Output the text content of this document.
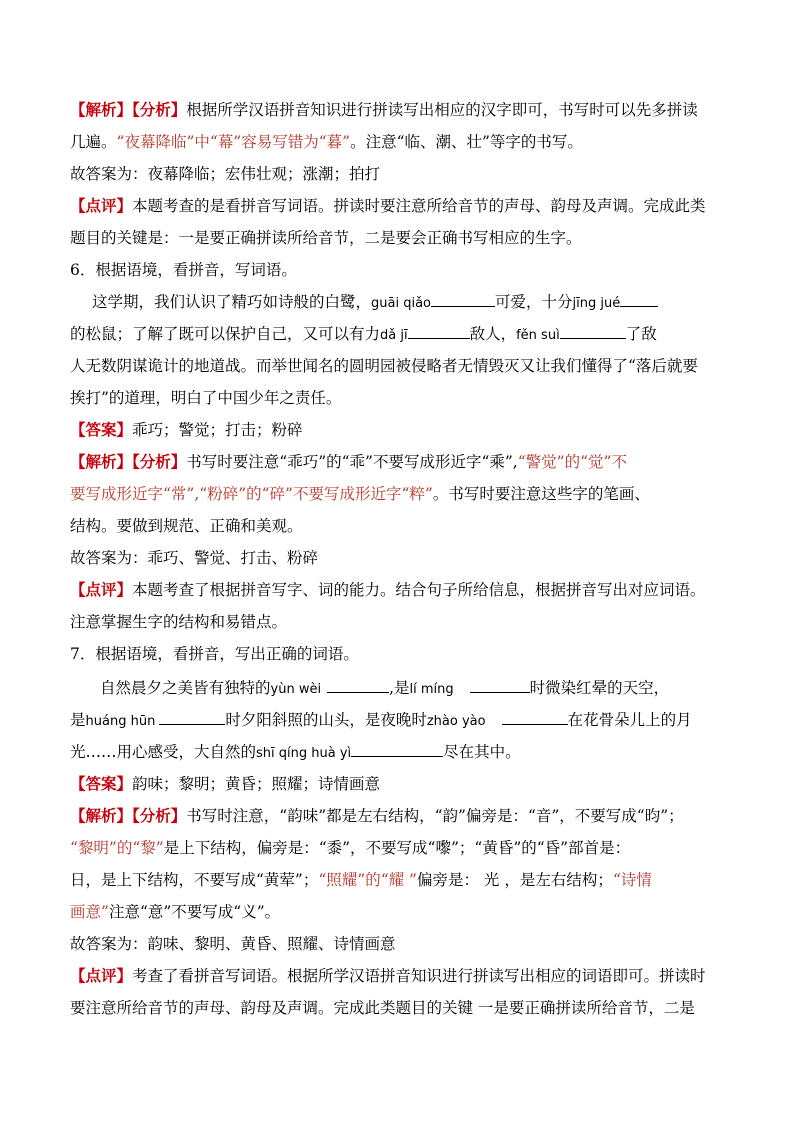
【解析】【分析】根据所学汉语拼音知识进行拼读写出相应的汉字即可，书写时可以先多拼读
几遍。“夜幕降临”中“幕”容易写错为“暮”。注意“临、潮、壮”等字的书写。
故答案为：夜幕降临；宏伟壮观；涨潮；拍打
【点评】本题考查的是看拼音写词语。拼读时要注意所给音节的声母、韵母及声调。完成此类
题目的关键是：一是要正确拼读所给音节，二是要会正确书写相应的生字。
6．根据语境，看拼音，写词语。
这学期，我们认识了精巧如诗般的白鹭，guāi qiǎo	可爱，十分jīng jué
的松鼠；了解了既可以保护自己，又可以有力dǎ jī	敌人，fěn suì	了敌
人无数阴谋诡计的地道战。而举世闻名的圆明园被侵略者无情毁灭又让我们懂得了“落后就要
挨打”的道理，明白了中国少年之责任。
【答案】乖巧；警觉；打击；粉碎
【解析】【分析】书写时要注意“乖巧”的“乖”不要写成形近字“乘”,“警觉”的“觉”不
要写成形近字“常”,“粉碎”的“碎”不要写成形近字“粹”。书写时要注意这些字的笔画、
结构。要做到规范、正确和美观。
故答案为：乖巧、警觉、打击、粉碎
【点评】本题考查了根据拼音写字、词的能力。结合句子所给信息，根据拼音写出对应词语。
注意掌握生字的结构和易错点。
7．根据语境，看拼音，写出正确的词语。
自然晨夕之美皆有独特的yùn wèi	,是lí míng	时微染红晕的天空，
是huáng hūn	时夕阳斜照的山头，是夜晚时zhào yào	在花骨朵儿上的月
光……用心感受，大自然的shī qíng huà yì	尽在其中。
【答案】韵味；黎明；黄昏；照耀；诗情画意
【解析】【分析】书写时注意，“韵味”都是左右结构，“韵”偏旁是：“音”，不要写成“昀”；
“黎明”的“黎”是上下结构，偏旁是：“黍”，不要写成“嚟”；“黄昏”的“昏”部首是：
日，是上下结构，不要写成“黄荤”；“照耀”的“耀 ”偏旁是： 光 ，是左右结构；“诗情
画意”注意“意”不要写成“义”。
故答案为：韵味、黎明、黄昏、照耀、诗情画意
【点评】考查了看拼音写词语。根据所学汉语拼音知识进行拼读写出相应的词语即可。拼读时
要注意所给音节的声母、韵母及声调。完成此类题目的关键 一是要正确拼读所给音节，二是
